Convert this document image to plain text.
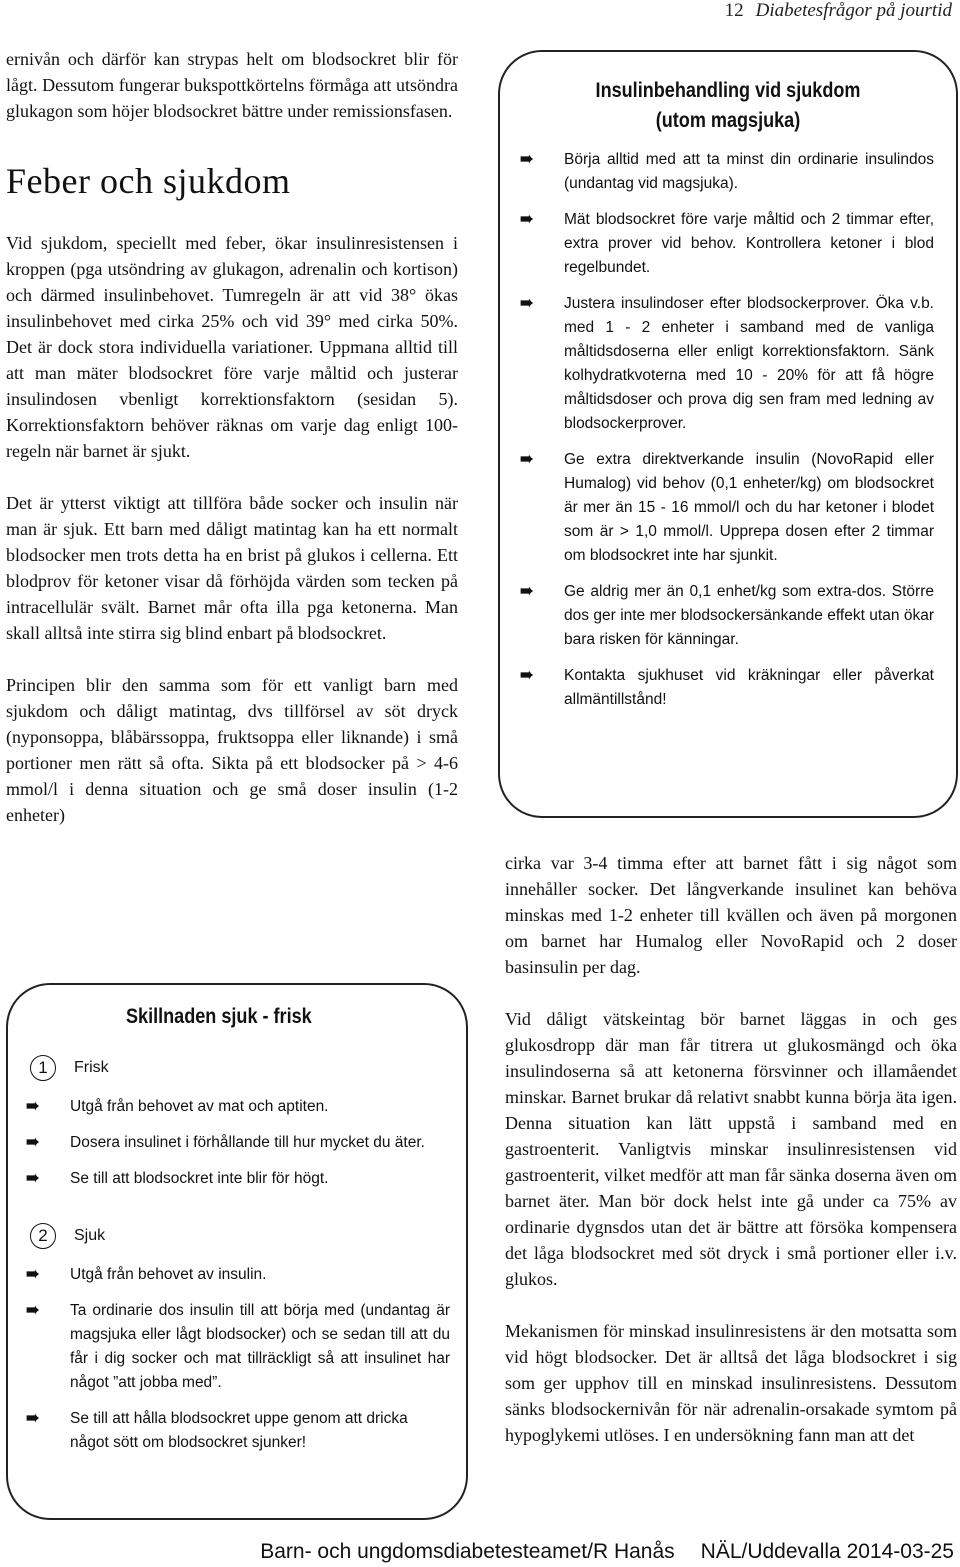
12 Diabetesfrågor på jourtid

ernivån och därför kan strypas helt om blodsockret blir för lågt. Dessutom fungerar bukspottkörtelns förmåga att utsöndra glukagon som höjer blodsockret bättre under remissionsfasen.

Feber och sjukdom

Vid sjukdom, speciellt med feber, ökar insulinresistensen i kroppen (pga utsöndring av glukagon, adrenalin och kortison) och därmed insulinbehovet. Tumregeln är att vid 38° ökas insulinbehovet med cirka 25% och vid 39° med cirka 50%. Det är dock stora individuella variationer. Uppmana alltid till att man mäter blodsockret före varje måltid och justerar insulindosen vbenligt korrektionsfaktorn (sesidan 5). Korrektionsfaktorn behöver räknas om varje dag enligt 100-regeln när barnet är sjukt.

Det är ytterst viktigt att tillföra både socker och insulin när man är sjuk. Ett barn med dåligt matintag kan ha ett normalt blodsocker men trots detta ha en brist på glukos i cellerna. Ett blodprov för ketoner visar då förhöjda värden som tecken på intracellulär svält. Barnet mår ofta illa pga ketonerna. Man skall alltså inte stirra sig blind enbart på blodsockret.

Principen blir den samma som för ett vanligt barn med sjukdom och dåligt matintag, dvs tillförsel av söt dryck (nyponsoppa, blåbärssoppa, fruktsoppa eller liknande) i små portioner men rätt så ofta. Sikta på ett blodsocker på > 4-6 mmol/l i denna situation och ge små doser insulin (1-2 enheter)

Insulinbehandling vid sjukdom
(utom magsjuka)
➠ Börja alltid med att ta minst din ordinarie insulindos (undantag vid magsjuka).
➠ Mät blodsockret före varje måltid och 2 timmar efter, extra prover vid behov. Kontrollera ketoner i blod regelbundet.
➠ Justera insulindoser efter blodsockerprover. Öka v.b. med 1 - 2 enheter i samband med de vanliga måltidsdoserna eller enligt korrektionsfaktorn. Sänk kolhydratkvoterna med 10 - 20% för att få högre måltidsdoser och prova dig sen fram med ledning av blodsockerprover.
➠ Ge extra direktverkande insulin (NovoRapid eller Humalog) vid behov (0,1 enheter/kg) om blodsockret är mer än 15 - 16 mmol/l och du har ketoner i blodet som är > 1,0 mmol/l. Upprepa dosen efter 2 timmar om blodsockret inte har sjunkit.
➠ Ge aldrig mer än 0,1 enhet/kg som extra-dos. Större dos ger inte mer blodsockersänkande effekt utan ökar bara risken för känningar.
➠ Kontakta sjukhuset vid kräkningar eller påverkat allmäntillstånd!

cirka var 3-4 timma efter att barnet fått i sig något som innehåller socker. Det långverkande insulinet kan behöva minskas med 1-2 enheter till kvällen och även på morgonen om barnet har Humalog eller NovoRapid och 2 doser basinsulin per dag.

Vid dåligt vätskeintag bör barnet läggas in och ges glukosdropp där man får titrera ut glukosmängd och öka insulindoserna så att ketonerna försvinner och illamåendet minskar. Barnet brukar då relativt snabbt kunna börja äta igen. Denna situation kan lätt uppstå i samband med en gastroenterit. Vanligtvis minskar insulinresistensen vid gastroenterit, vilket medför att man får sänka doserna även om barnet äter. Man bör dock helst inte gå under ca 75% av ordinarie dygnsdos utan det är bättre att försöka kompensera det låga blodsockret med söt dryck i små portioner eller i.v. glukos.

Mekanismen för minskad insulinresistens är den motsatta som vid högt blodsocker. Det är alltså det låga blodsockret i sig som ger upphov till en minskad insulinresistens. Dessutom sänks blodsockernivån för när adrenalin-orsakade symtom på hypoglykemi utlöses. I en undersökning fann man att det

Skillnaden sjuk - frisk
1 Frisk
➠ Utgå från behovet av mat och aptiten.
➠ Dosera insulinet i förhållande till hur mycket du äter.
➠ Se till att blodsockret inte blir för högt.
2 Sjuk
➠ Utgå från behovet av insulin.
➠ Ta ordinarie dos insulin till att börja med (undantag är magsjuka eller lågt blodsocker) och se sedan till att du får i dig socker och mat tillräckligt så att insulinet har något ”att jobba med”.
➠ Se till att hålla blodsockret uppe genom att dricka något sött om blodsockret sjunker!
Barn- och ungdomsdiabetesteamet/R Hanås NÄL/Uddevalla 2014-03-25
